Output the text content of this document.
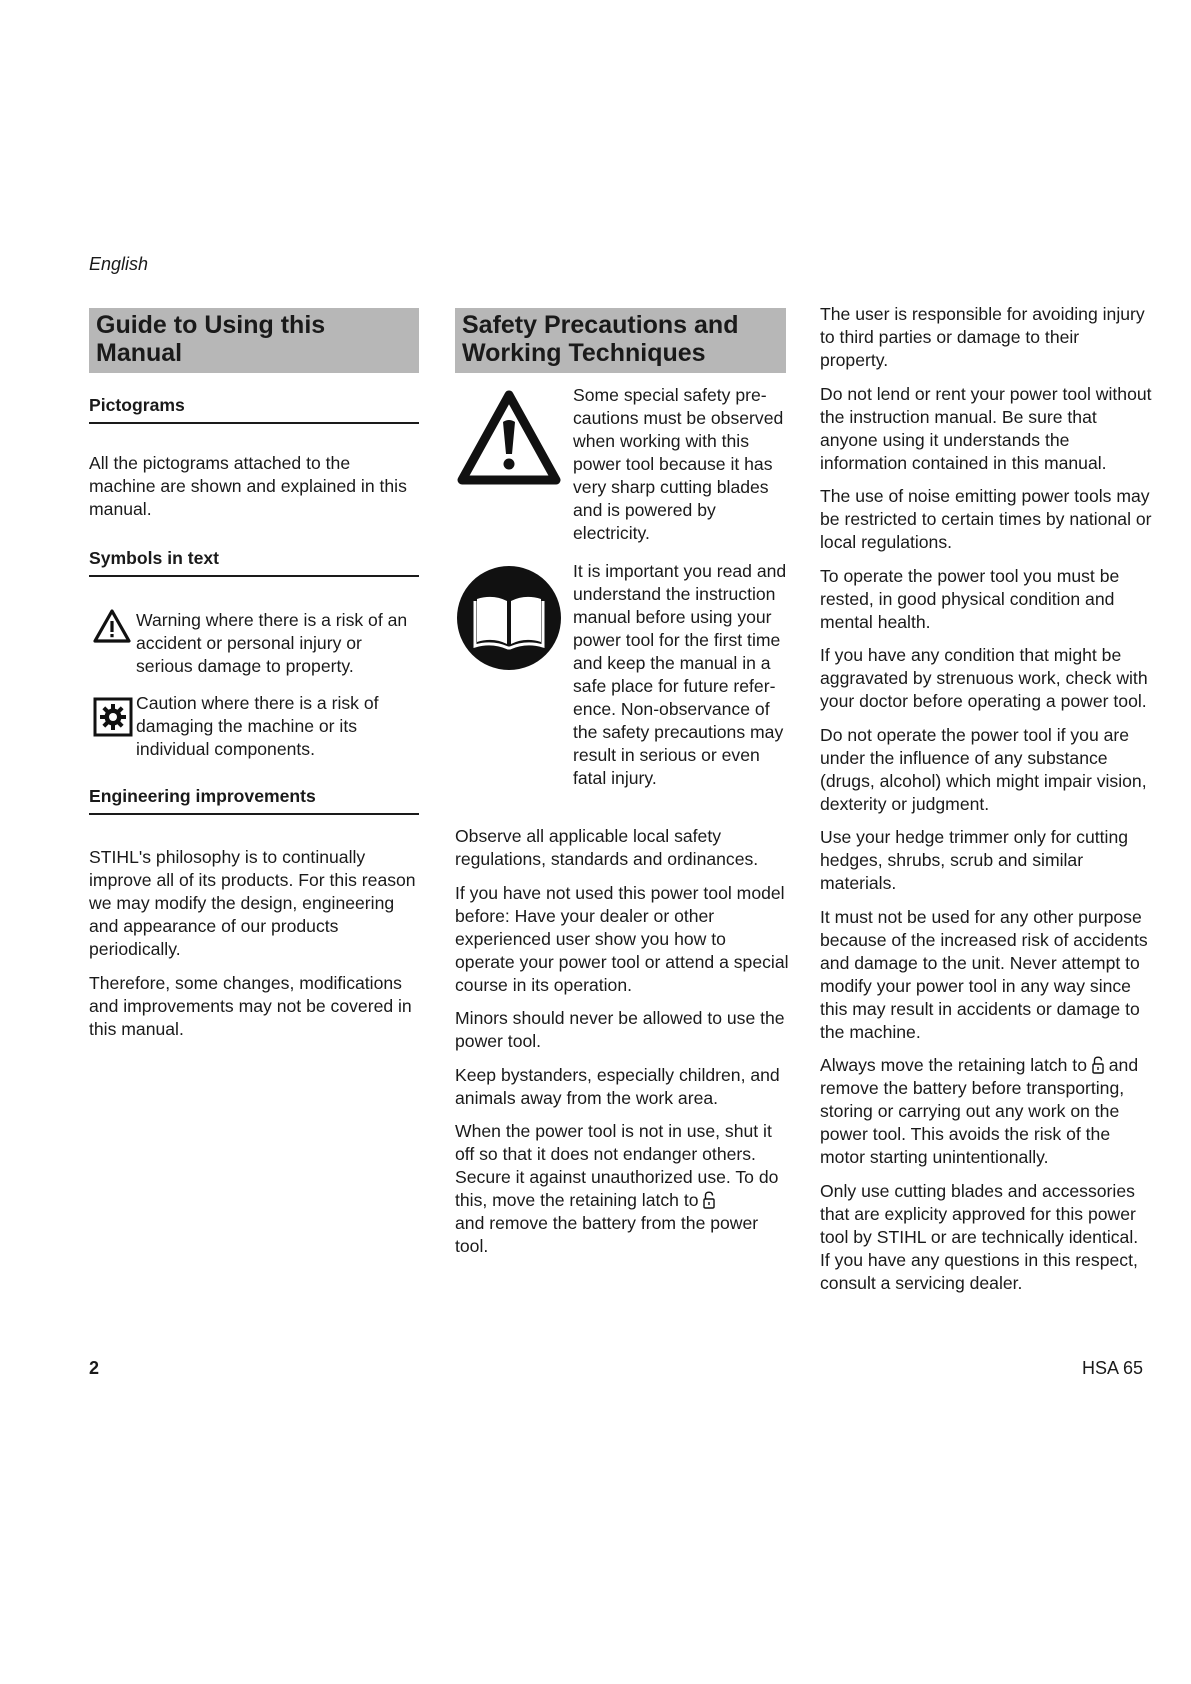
English
Guide to Using this Manual
Pictograms

All the pictograms attached to the machine are shown and explained in this manual.

Symbols in text

Warning where there is a risk of an accident or personal injury or serious damage to property.

Caution where there is a risk of damaging the machine or its individual components.

Engineering improvements

STIHL's philosophy is to continually improve all of its products. For this reason we may modify the design, engineering and appearance of our products periodically.

Therefore, some changes, modifications and improvements may not be covered in this manual.

Safety Precautions and
Working Techniques

Some special safety pre-cautions must be observed when working with this power tool because it has very sharp cutting blades and is powered by electricity.

It is important you read and understand the instruction manual before using your power tool for the first time and keep the manual in a safe place for future refer-ence. Non-observance of the safety precautions may result in serious or even fatal injury.

Observe all applicable local safety regulations, standards and ordinances.

If you have not used this power tool model before: Have your dealer or other experienced user show you how to operate your power tool or attend a special course in its operation.

Minors should never be allowed to use the power tool.

Keep bystanders, especially children, and animals away from the work area.

When the power tool is not in use, shut it off so that it does not endanger others. Secure it against unauthorized use. To do this, move the retaining latch to
and remove the battery from the power tool.

The user is responsible for avoiding injury to third parties or damage to their property.

Do not lend or rent your power tool without the instruction manual. Be sure that anyone using it understands the information contained in this manual.

The use of noise emitting power tools may be restricted to certain times by national or local regulations.

To operate the power tool you must be rested, in good physical condition and mental health.

If you have any condition that might be aggravated by strenuous work, check with your doctor before operating a power tool.

Do not operate the power tool if you are under the influence of any substance (drugs, alcohol) which might impair vision, dexterity or judgment.

Use your hedge trimmer only for cutting hedges, shrubs, scrub and similar materials.

It must not be used for any other purpose because of the increased risk of accidents and damage to the unit. Never attempt to modify your power tool in any way since this may result in accidents or damage to the machine.

Always move the retaining latch to and remove the battery before transporting, storing or carrying out any work on the power tool. This avoids the risk of the motor starting unintentionally.

Only use cutting blades and accessories that are explicity approved for this power tool by STIHL or are technically identical. If you have any questions in this respect, consult a servicing dealer.

2	HSA 65
